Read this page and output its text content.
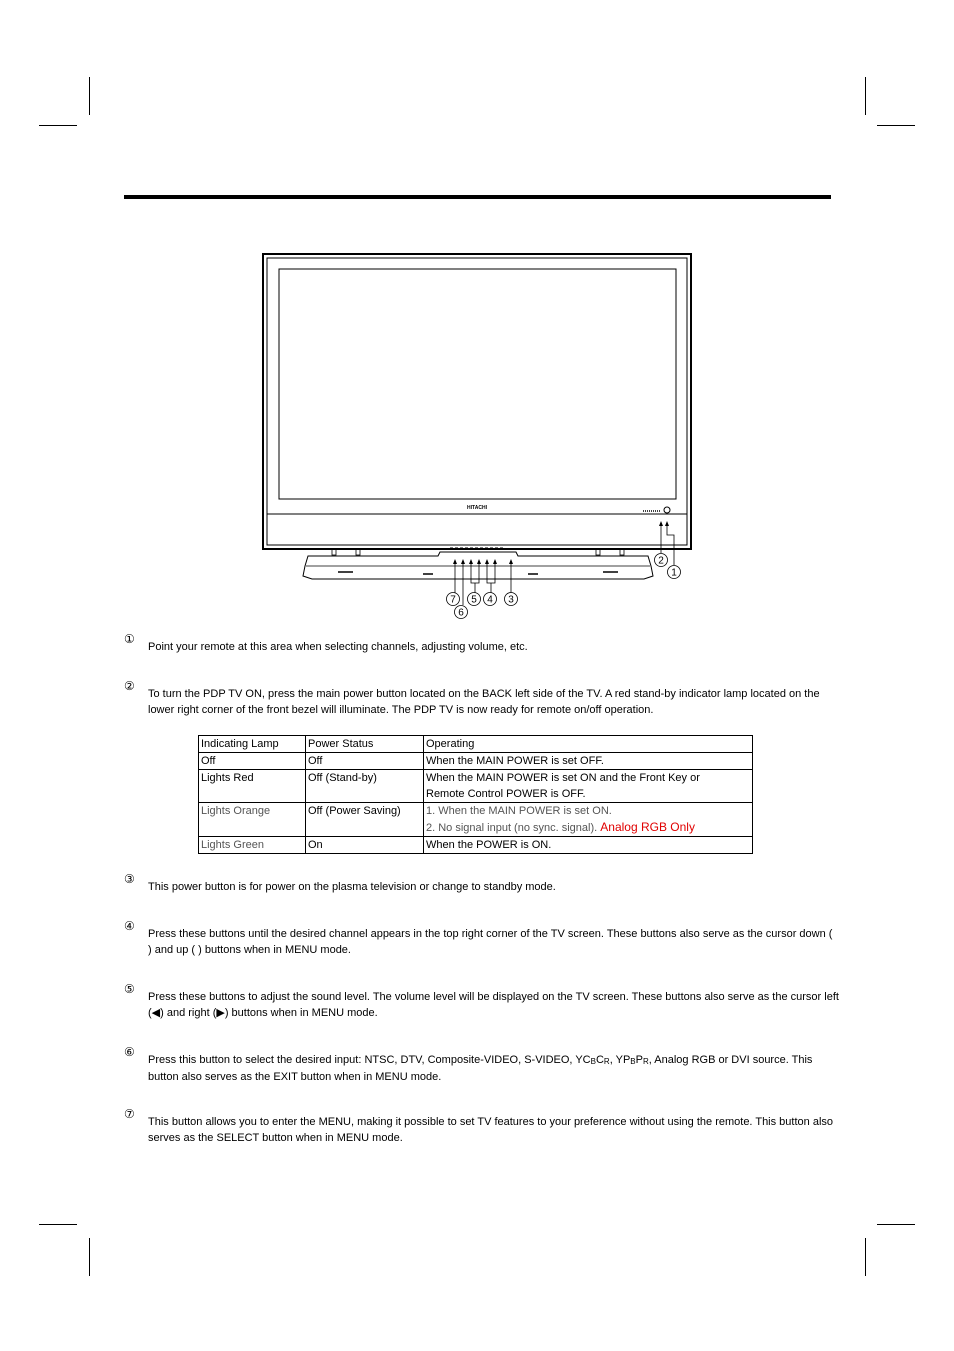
HITACHI
2
1
7
6
5 4 3
①

Point your remote at this area when selecting channels, adjusting volume, etc.

②

To turn the PDP TV ON, press the main power button located on the BACK left side of the TV. A red stand-by indicator lamp located on the lower right corner of the front bezel will illuminate. The PDP TV is now ready for remote on/off operation.

Indicating Lamp	Power Status	Operating
Off	Off	When the MAIN POWER is set OFF.
Lights Red	Off (Stand-by)	When the MAIN POWER is set ON and the Front Key or
Remote Control POWER is OFF.

Lights Orange	Off (Power Saving)	1. When the MAIN POWER is set ON.
2. No signal input (no sync. signal). Analog RGB Only

Lights Green	On	When the POWER is ON.
③

This power button is for power on the plasma television or change to standby mode.

④

Press these buttons until the desired channel appears in the top right corner of the TV screen. These buttons also serve as the cursor down ( ) and up ( ) buttons when in MENU mode.

⑤

Press these buttons to adjust the sound level. The volume level will be displayed on the TV screen. These buttons also serve as the cursor left (◀) and right (▶) buttons when in MENU mode.

⑥

Press this button to select the desired input: NTSC, DTV, Composite-VIDEO, S-VIDEO, $YC_BC_R$, $YP_BP_R$, Analog RGB or DVI source. This button also serves as the EXIT button when in MENU mode.

⑦

This button allows you to enter the MENU, making it possible to set TV features to your preference without using the remote. This button also serves as the SELECT button when in MENU mode.
